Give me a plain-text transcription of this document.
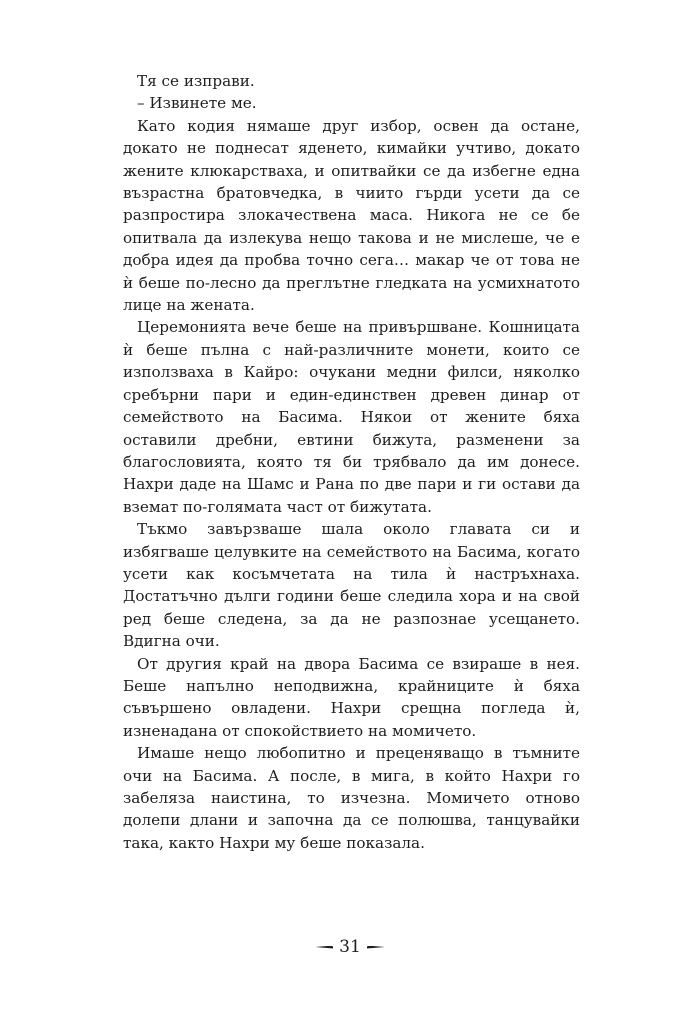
Тя се изправи.

– Извинете ме.

Като кодия нямаше друг избор, освен да остане, докато не поднесат яденето, кимайки учтиво, докато жените клюкарстваха, и опитвайки се да избегне една възрастна братовчедка, в чиито гърди усети да се разпростира злокачествена маса. Никога не се бе опитвала да излекува нещо такова и не мислеше, че е добра идея да пробва точно сега… макар че от това не ѝ беше по-лесно да преглътне гледката на усмихнатото лице на жената.

Церемонията вече беше на привършване. Кошницата ѝ беше пълна с най-различните монети, които се използваха в Кайро: очукани медни филси, няколко сребърни пари и един-единствен древен динар от семейството на Басима. Някои от жените бяха оставили дребни, евтини бижута, разменени за благословията, която тя би трябвало да им донесе. Нахри даде на Шамс и Рана по две пари и ги остави да вземат по-голямата част от бижутата.

Тъкмо завързваше шала около главата си и избягваше целувките на семейството на Басима, когато усети как косъмчетата на тила ѝ настръхнаха. Достатъчно дълги години беше следила хора и на свой ред беше следена, за да не разпознае усещането. Вдигна очи.

От другия край на двора Басима се взираше в нея. Беше напълно неподвижна, крайниците ѝ бяха съвършено овладени. Нахри срещна погледа ѝ, изненадана от спокойствието на момичето.

Имаше нещо любопитно и преценяващо в тъмните очи на Басима. А после, в мига, в който Нахри го забеляза наистина, то изчезна. Момичето отново долепи длани и започна да се полюшва, танцувайки така, както Нахри му беше показала.

31
